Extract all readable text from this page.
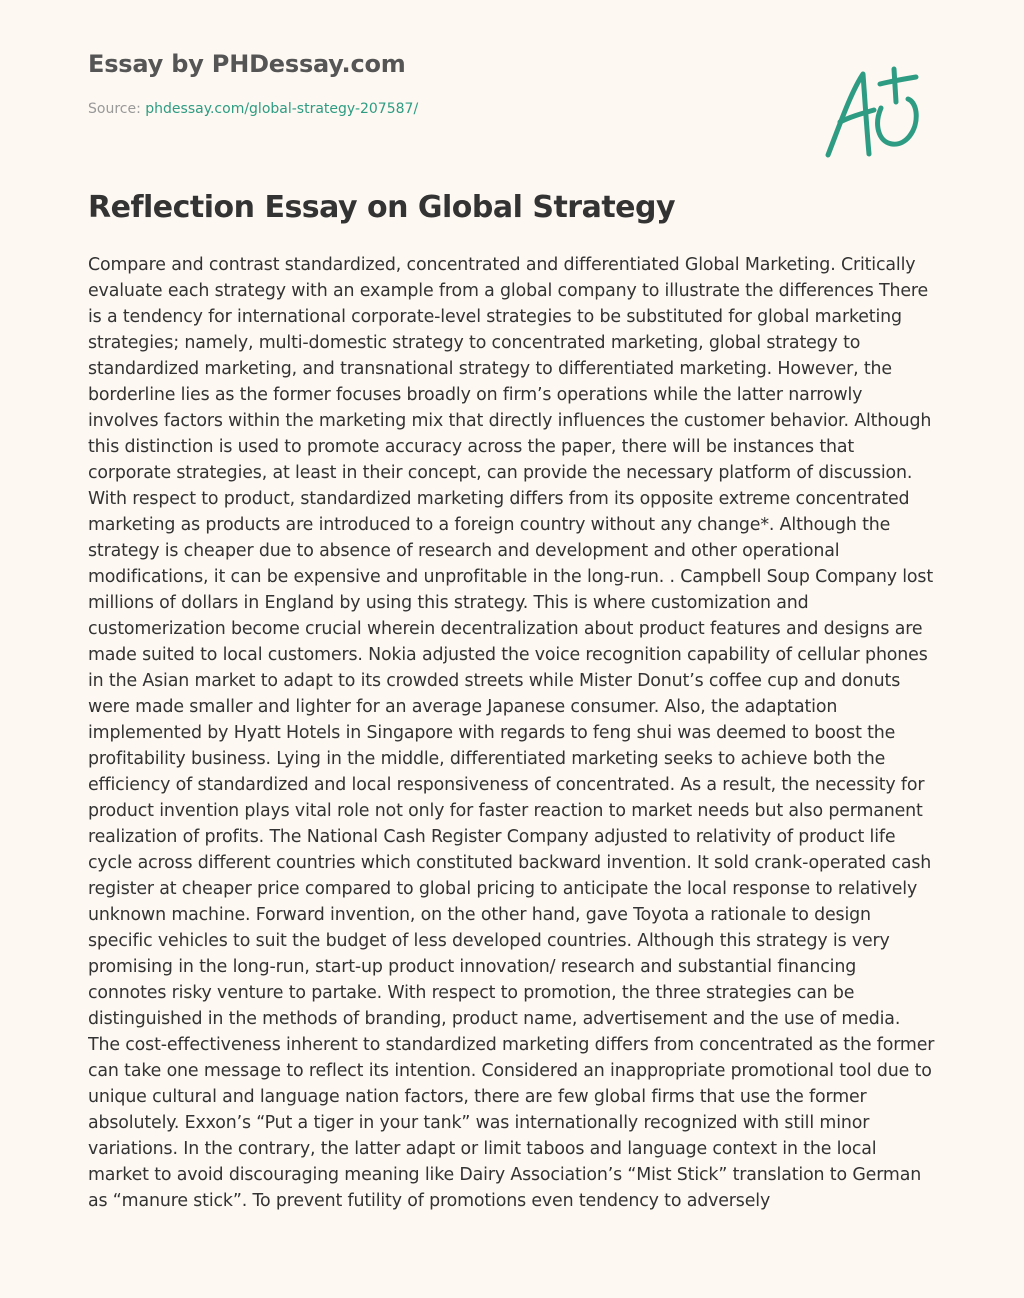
Essay by PHDessay.com
Source: phdessay.com/global-strategy-207587/
Reflection Essay on Global Strategy

Compare and contrast standardized, concentrated and differentiated Global Marketing. Critically evaluate each strategy with an example from a global company to illustrate the differences There is a tendency for international corporate-level strategies to be substituted for global marketing strategies; namely, multi-domestic strategy to concentrated marketing, global strategy to standardized marketing, and transnational strategy to differentiated marketing. However, the borderline lies as the former focuses broadly on firm’s operations while the latter narrowly involves factors within the marketing mix that directly influences the customer behavior. Although this distinction is used to promote accuracy across the paper, there will be instances that corporate strategies, at least in their concept, can provide the necessary platform of discussion. With respect to product, standardized marketing differs from its opposite extreme concentrated marketing as products are introduced to a foreign country without any change*. Although the strategy is cheaper due to absence of research and development and other operational modifications, it can be expensive and unprofitable in the long-run. . Campbell Soup Company lost millions of dollars in England by using this strategy. This is where customization and customerization become crucial wherein decentralization about product features and designs are made suited to local customers. Nokia adjusted the voice recognition capability of cellular phones in the Asian market to adapt to its crowded streets while Mister Donut’s coffee cup and donuts were made smaller and lighter for an average Japanese consumer. Also, the adaptation implemented by Hyatt Hotels in Singapore with regards to feng shui was deemed to boost the profitability business. Lying in the middle, differentiated marketing seeks to achieve both the efficiency of standardized and local responsiveness of concentrated. As a result, the necessity for product invention plays vital role not only for faster reaction to market needs but also permanent realization of profits. The National Cash Register Company adjusted to relativity of product life cycle across different countries which constituted backward invention. It sold crank-operated cash register at cheaper price compared to global pricing to anticipate the local response to relatively unknown machine. Forward invention, on the other hand, gave Toyota a rationale to design specific vehicles to suit the budget of less developed countries. Although this strategy is very promising in the long-run, start-up product innovation/ research and substantial financing connotes risky venture to partake. With respect to promotion, the three strategies can be distinguished in the methods of branding, product name, advertisement and the use of media. The cost-effectiveness inherent to standardized marketing differs from concentrated as the former can take one message to reflect its intention. Considered an inappropriate promotional tool due to unique cultural and language nation factors, there are few global firms that use the former absolutely. Exxon’s “Put a tiger in your tank” was internationally recognized with still minor variations. In the contrary, the latter adapt or limit taboos and language context in the local market to avoid discouraging meaning like Dairy Association’s “Mist Stick” translation to German as “manure stick”. To prevent futility of promotions even tendency to adversely
